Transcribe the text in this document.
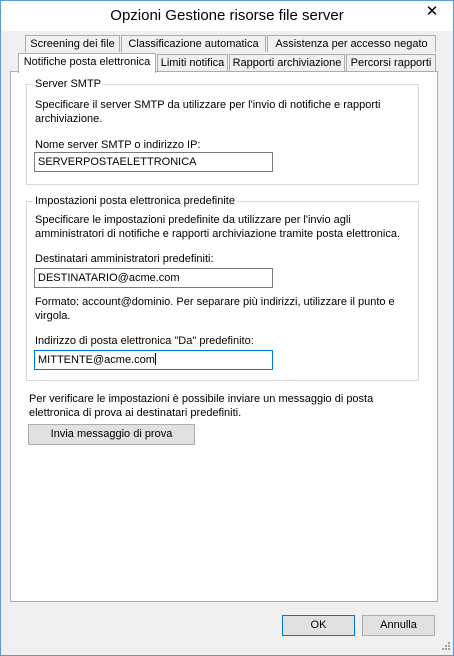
Opzioni Gestione risorse file server	✕
Screening dei file	Classificazione automatica	Assistenza per accesso negato
Notifiche posta elettronica Limiti notifica Rapporti archiviazione Percorsi rapporti
Server SMTP
Specificare il server SMTP da utilizzare per l'invio di notifiche e rapporti archiviazione.
Nome server SMTP o indirizzo IP:
SERVERPOSTAELETTRONICA
Impostazioni posta elettronica predefinite
Specificare le impostazioni predefinite da utilizzare per l'invio agli amministratori di notifiche e rapporti archiviazione tramite posta elettronica.
Destinatari amministratori predefiniti:
DESTINATARIO@acme.com
Formato: account@dominio. Per separare più indirizzi, utilizzare il punto e virgola.
Indirizzo di posta elettronica "Da" predefinito:
MITTENTE@acme.com
Per verificare le impostazioni è possibile inviare un messaggio di posta elettronica di prova ai destinatari predefiniti.
Invia messaggio di prova
OK	Annulla
